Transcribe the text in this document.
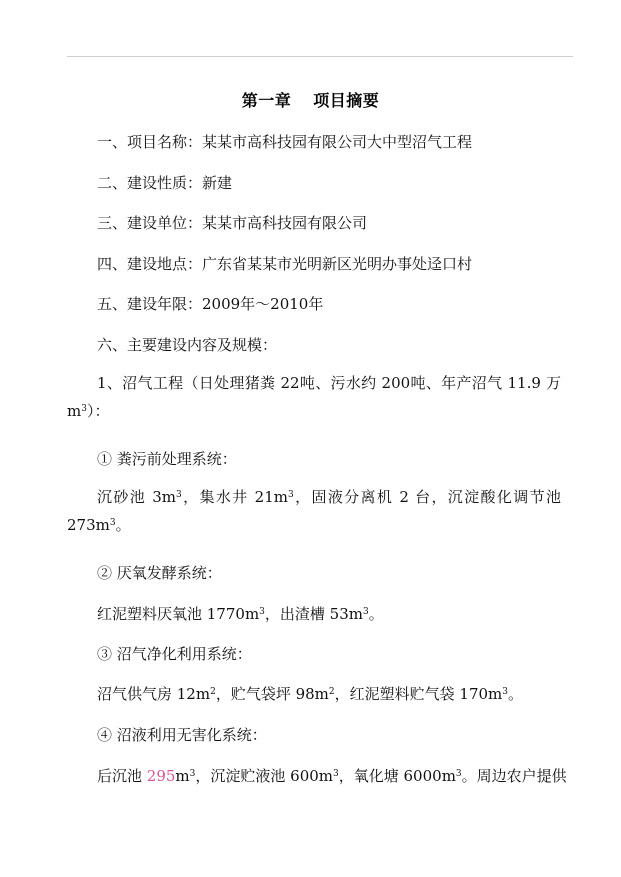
第一章 项目摘要
一、项目名称：某某市高科技园有限公司大中型沼气工程
二、建设性质：新建
三、建设单位：某某市高科技园有限公司
四、建设地点：广东省某某市光明新区光明办事处迳口村
五、建设年限：2009年～2010年
六、主要建设内容及规模：
1、沼气工程（日处理猪粪 22吨、污水约 200吨、年产沼气 11.9 万
$m^3$）：
① 粪污前处理系统：
沉砂池 $3m^3$，集水井 $21m^3$，固液分离机 2 台，沉淀酸化调节池
$273m^3$。
② 厌氧发酵系统：
红泥塑料厌氧池 $1770m^3$，出渣槽 $53m^3$。
③ 沼气净化利用系统：
沼气供气房 $12m^2$，贮气袋坪 $98m^2$，红泥塑料贮气袋 $170m^3$。
④ 沼液利用无害化系统：
后沉池 $295m^3$，沉淀贮液池 $600m^3$，氧化塘 $6000m^3$。周边农户提供
